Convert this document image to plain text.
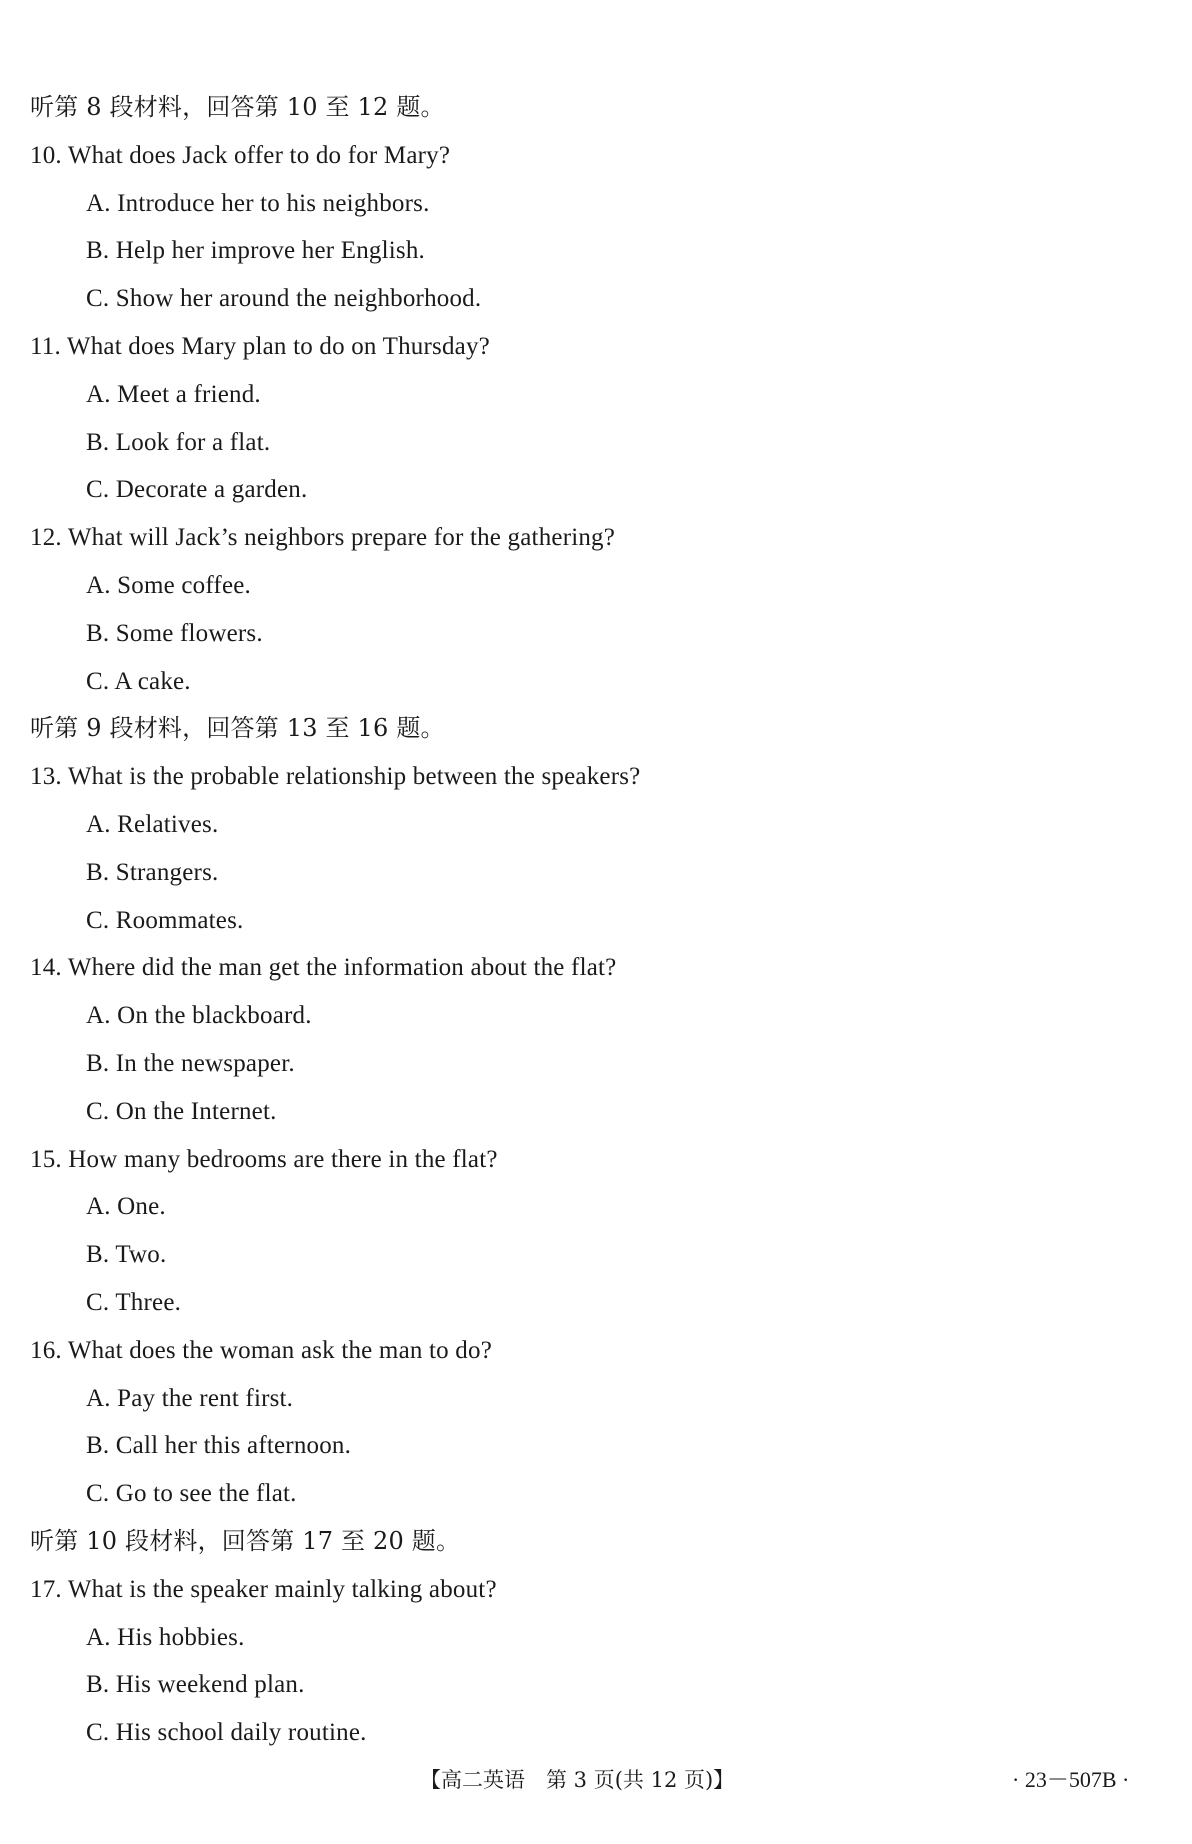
听第 8 段材料，回答第 10 至 12 题。
10. What does Jack offer to do for Mary?
A. Introduce her to his neighbors.
B. Help her improve her English.
C. Show her around the neighborhood.
11. What does Mary plan to do on Thursday?
A. Meet a friend.
B. Look for a flat.
C. Decorate a garden.
12. What will Jack’s neighbors prepare for the gathering?
A. Some coffee.
B. Some flowers.
C. A cake.
听第 9 段材料，回答第 13 至 16 题。
13. What is the probable relationship between the speakers?
A. Relatives.
B. Strangers.
C. Roommates.
14. Where did the man get the information about the flat?
A. On the blackboard.
B. In the newspaper.
C. On the Internet.
15. How many bedrooms are there in the flat?
A. One.
B. Two.
C. Three.
16. What does the woman ask the man to do?
A. Pay the rent first.
B. Call her this afternoon.
C. Go to see the flat.
听第 10 段材料，回答第 17 至 20 题。
17. What is the speaker mainly talking about?
A. His hobbies.
B. His weekend plan.
C. His school daily routine.
【高二英语　第 3 页(共 12 页)】	· 23－507B ·
